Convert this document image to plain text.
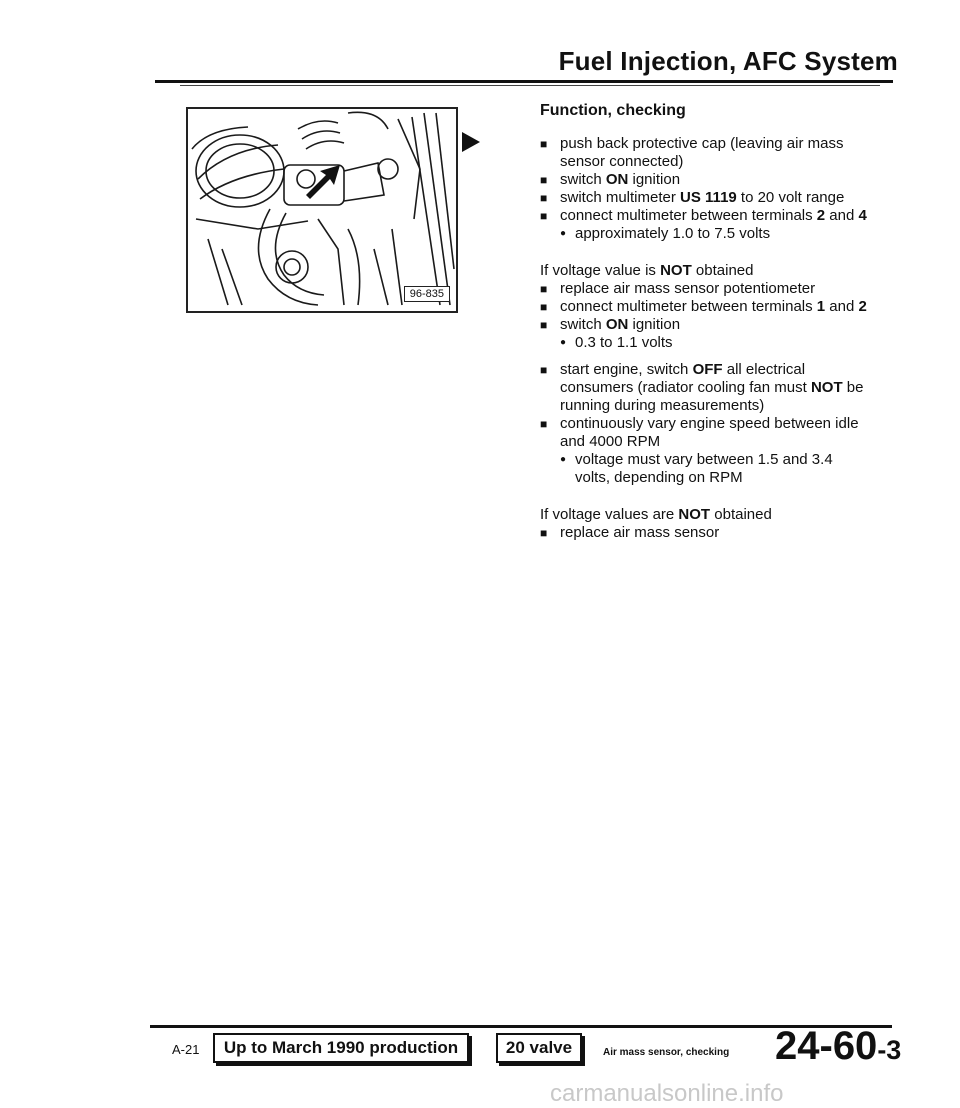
Fuel Injection, AFC System
96-835
Function, checking
■ push back protective cap (leaving air mass sensor connected)
■ switch ON ignition
■ switch multimeter US 1119 to 20 volt range
■ connect multimeter between terminals 2 and 4
● approximately 1.0 to 7.5 volts
If voltage value is NOT obtained
■ replace air mass sensor potentiometer
■ connect multimeter between terminals 1 and 2
■ switch ON ignition
● 0.3 to 1.1 volts
■ start engine, switch OFF all electrical consumers (radiator cooling fan must NOT be running during measurements)
■ continuously vary engine speed between idle and 4000 RPM
● voltage must vary between 1.5 and 3.4 volts, depending on RPM
If voltage values are NOT obtained
■ replace air mass sensor
A-21	Up to March 1990 production	20 valve	Air mass sensor, checking 24-60-3
carmanualsonline.info
